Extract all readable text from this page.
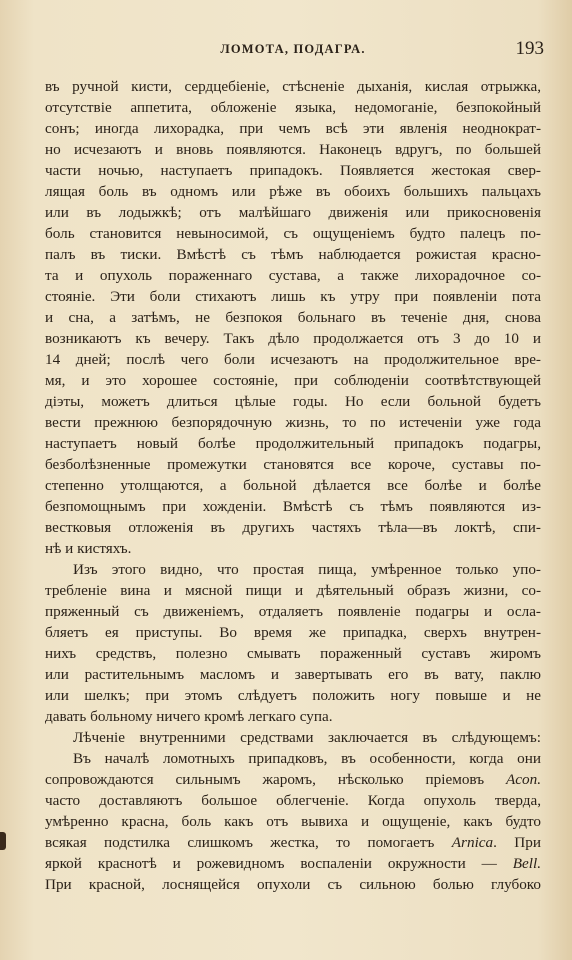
ЛОМОТА, ПОДАГРА.	193
въ ручной кисти, сердцебіеніе, стѣсненіе дыханія, кислая отрыжка,
отсутствіе аппетита, обложеніе языка, недомоганіе, безпокойный
сонъ; иногда лихорадка, при чемъ всѣ эти явленія неоднократ-
но исчезаютъ и вновь появляются. Наконецъ вдругъ, по большей
части ночью, наступаетъ припадокъ. Появляется жестокая свер-
лящая боль въ одномъ или рѣже въ обоихъ большихъ пальцахъ
или въ лодыжкѣ; отъ малѣйшаго движенія или прикосновенія
боль становится невыносимой, съ ощущеніемъ будто палецъ по-
палъ въ тиски. Вмѣстѣ съ тѣмъ наблюдается рожистая красно-
та и опухоль пораженнаго сустава, а также лихорадочное со-
стояніе. Эти боли стихаютъ лишь къ утру при появленіи пота
и сна, а затѣмъ, не безпокоя больнаго въ теченіе дня, снова
возникаютъ къ вечеру. Такъ дѣло продолжается отъ 3 до 10 и
14 дней; послѣ чего боли исчезаютъ на продолжительное вре-
мя, и это хорошее состояніе, при соблюденіи соотвѣтствующей
діэты, можетъ длиться цѣлые годы. Но если больной будетъ
вести прежнюю безпорядочную жизнь, то по истеченіи уже года
наступаетъ новый болѣе продолжительный припадокъ подагры,
безболѣзненные промежутки становятся все короче, суставы по-
степенно утолщаются, а больной дѣлается все болѣе и болѣе
безпомощнымъ при хожденіи. Вмѣстѣ съ тѣмъ появляются из-
вестковыя отложенія въ другихъ частяхъ тѣла—въ локтѣ, спи-
нѣ и кистяхъ.
Изъ этого видно, что простая пища, умѣренное только упо-
требленіе вина и мясной пищи и дѣятельный образъ жизни, со-
пряженный съ движеніемъ, отдаляетъ появленіе подагры и осла-
бляетъ ея приступы. Во время же припадка, сверхъ внутрен-
нихъ средствъ, полезно смывать пораженный суставъ жиромъ
или растительнымъ масломъ и завертывать его въ вату, паклю
или шелкъ; при этомъ слѣдуетъ положить ногу повыше и не
давать больному ничего кромѣ легкаго супа.
Лѣченіе внутренними средствами заключается въ слѣдующемъ:
Въ началѣ ломотныхъ припадковъ, въ особенности, когда они
сопровождаются сильнымъ жаромъ, нѣсколько пріемовъ Acon.
часто доставляютъ большое облегченіе. Когда опухоль тверда,
умѣренно красна, боль какъ отъ вывиха и ощущеніе, какъ будто
всякая подстилка слишкомъ жестка, то помогаетъ Arnica. При
яркой краснотѣ и рожевидномъ воспаленіи окружности — Bell.
При красной, лоснящейся опухоли съ сильною болью глубоко
